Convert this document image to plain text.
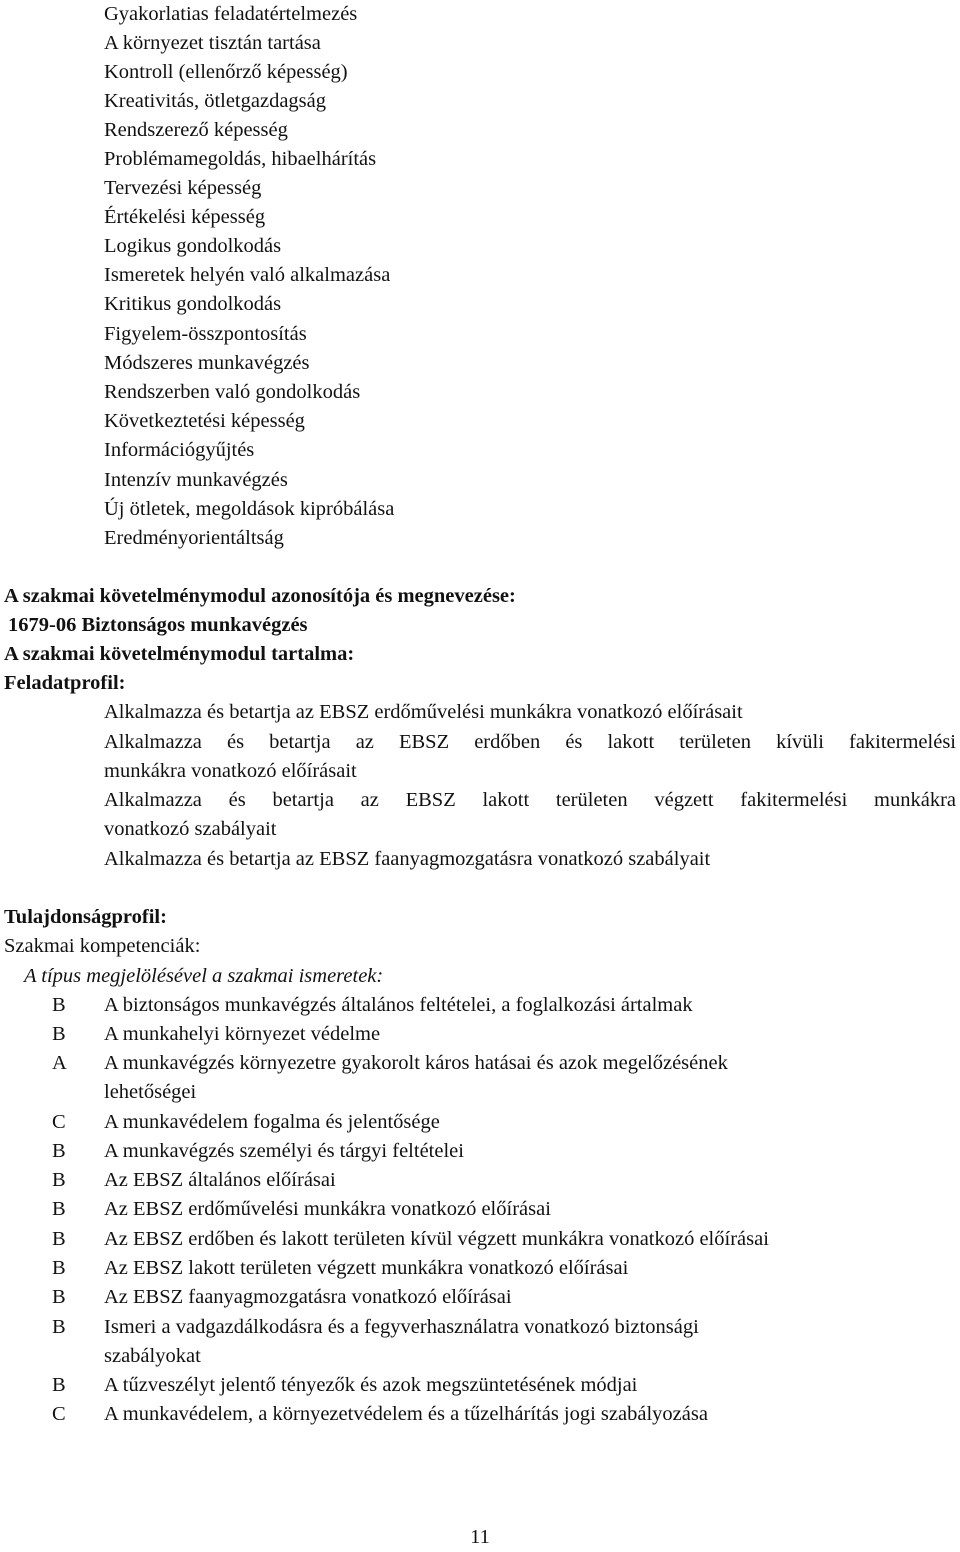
Gyakorlatias feladatértelmezés

A környezet tisztán tartása

Kontroll (ellenőrző képesség)

Kreativitás, ötletgazdagság

Rendszerező képesség

Problémamegoldás, hibaelhárítás

Tervezési képesség

Értékelési képesség

Logikus gondolkodás

Ismeretek helyén való alkalmazása

Kritikus gondolkodás

Figyelem-összpontosítás

Módszeres munkavégzés

Rendszerben való gondolkodás

Következtetési képesség

Információgyűjtés

Intenzív munkavégzés

Új ötletek, megoldások kipróbálása

Eredményorientáltság

A szakmai követelménymodul azonosítója és megnevezése:

1679-06 Biztonságos munkavégzés

A szakmai követelménymodul tartalma:

Feladatprofil:

Alkalmazza és betartja az EBSZ erdőművelési munkákra vonatkozó előírásait

Alkalmazza és betartja az EBSZ erdőben és lakott területen kívüli fakitermelési

munkákra vonatkozó előírásait

Alkalmazza és betartja az EBSZ lakott területen végzett fakitermelési munkákra

vonatkozó szabályait

Alkalmazza és betartja az EBSZ faanyagmozgatásra vonatkozó szabályait

Tulajdonságprofil:

Szakmai kompetenciák:

A típus megjelölésével a szakmai ismeretek:

B	A biztonságos munkavégzés általános feltételei, a foglalkozási ártalmak

B	A munkahelyi környezet védelme

A	A munkavégzés környezetre gyakorolt káros hatásai és azok megelőzésének

lehetőségei

C	A munkavédelem fogalma és jelentősége

B	A munkavégzés személyi és tárgyi feltételei

B	Az EBSZ általános előírásai

B	Az EBSZ erdőművelési munkákra vonatkozó előírásai

B	Az EBSZ erdőben és lakott területen kívül végzett munkákra vonatkozó előírásai

B	Az EBSZ lakott területen végzett munkákra vonatkozó előírásai

B	Az EBSZ faanyagmozgatásra vonatkozó előírásai

B	Ismeri a vadgazdálkodásra és a fegyverhasználatra vonatkozó biztonsági

szabályokat

B	A tűzveszélyt jelentő tényezők és azok megszüntetésének módjai

C	A munkavédelem, a környezetvédelem és a tűzelhárítás jogi szabályozása

11
